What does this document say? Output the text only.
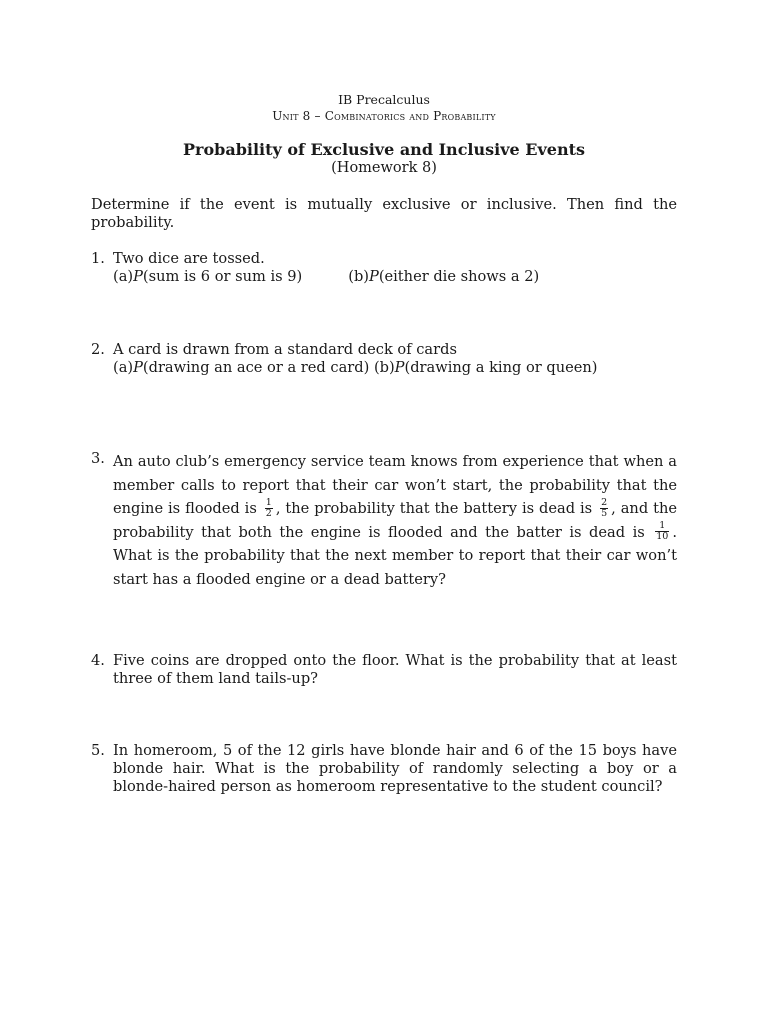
IB Precalculus
Unit 8 – Combinatorics and Probability
Probability of Exclusive and Inclusive Events
(Homework 8)
Determine if the event is mutually exclusive or inclusive. Then find the probability.
1. Two dice are tossed.
(a)P(sum is 6 or sum is 9)	(b)P(either die shows a 2)
2. A card is drawn from a standard deck of cards
(a)P(drawing an ace or a red card) (b)P(drawing a king or queen)
3. An auto club’s emergency service team knows from experience that when a member calls to report that their car won’t start, the probability that the engine is flooded is $\frac{1}{2}$ , the probability that the battery is dead is $\frac{2}{5}$ , and the probability that both the engine is flooded and the batter is dead is $\frac{1}{10}$ . What is the probability that the next member to report that their car won’t start has a flooded engine or a dead battery?
4. Five coins are dropped onto the floor. What is the probability that at least three of them land tails-up?
5. In homeroom, 5 of the 12 girls have blonde hair and 6 of the 15 boys have blonde hair. What is the probability of randomly selecting a boy or a blonde-haired person as homeroom representative to the student council?
